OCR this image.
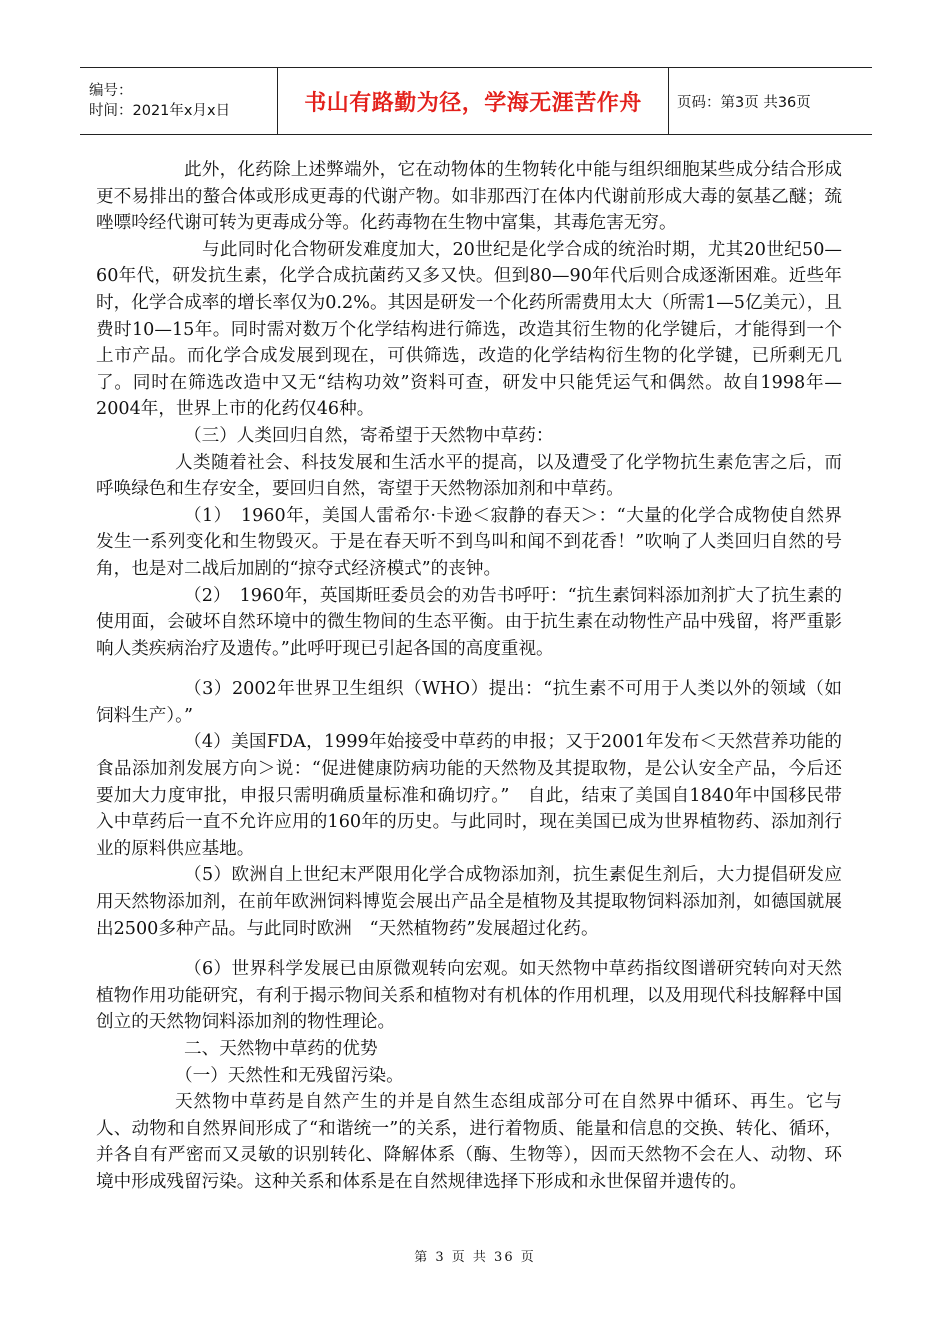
编号：
时间：2021年x月x日	书山有路勤为径，学海无涯苦作舟 页码：第3页 共36页

此外，化药除上述弊端外，它在动物体的生物转化中能与组织细胞某些成分结合形成更不易排出的螯合体或形成更毒的代谢产物。如非那西汀在体内代谢前形成大毒的氨基乙醚；巯唑嘌呤经代谢可转为更毒成分等。化药毒物在生物中富集，其毒危害无穷。

与此同时化合物研发难度加大，20世纪是化学合成的统治时期，尤其20世纪50—60年代，研发抗生素，化学合成抗菌药又多又快。但到80—90年代后则合成逐渐困难。近些年时，化学合成率的增长率仅为0.2%。其因是研发一个化药所需费用太大（所需1—5亿美元），且费时10—15年。同时需对数万个化学结构进行筛选，改造其衍生物的化学键后，才能得到一个上市产品。而化学合成发展到现在，可供筛选，改造的化学结构衍生物的化学键，已所剩无几了。同时在筛选改造中又无“结构功效”资料可查，研发中只能凭运气和偶然。故自1998年—2004年，世界上市的化药仅46种。

（三）人类回归自然，寄希望于天然物中草药：

人类随着社会、科技发展和生活水平的提高，以及遭受了化学物抗生素危害之后，而呼唤绿色和生存安全，要回归自然，寄望于天然物添加剂和中草药。

（1）　1960年，美国人雷希尔·卡逊＜寂静的春天＞：“大量的化学合成物使自然界发生一系列变化和生物毁灭。于是在春天听不到鸟叫和闻不到花香！”吹响了人类回归自然的号角，也是对二战后加剧的“掠夺式经济模式”的丧钟。

（2）　1960年，英国斯旺委员会的劝告书呼吁：“抗生素饲料添加剂扩大了抗生素的使用面，会破坏自然环境中的微生物间的生态平衡。由于抗生素在动物性产品中残留，将严重影响人类疾病治疗及遗传。”此呼吁现已引起各国的高度重视。

（3）2002年世界卫生组织（WHO）提出：“抗生素不可用于人类以外的领域（如饲料生产）。”

（4）美国FDA，1999年始接受中草药的申报；又于2001年发布＜天然营养功能的食品添加剂发展方向＞说：“促进健康防病功能的天然物及其提取物，是公认安全产品，今后还要加大力度审批，申报只需明确质量标准和确切疗。”　自此，结束了美国自1840年中国移民带入中草药后一直不允许应用的160年的历史。与此同时，现在美国已成为世界植物药、添加剂行业的原料供应基地。

（5）欧洲自上世纪末严限用化学合成物添加剂，抗生素促生剂后，大力提倡研发应用天然物添加剂，在前年欧洲饲料博览会展出产品全是植物及其提取物饲料添加剂，如德国就展出2500多种产品。与此同时欧洲　“天然植物药”发展超过化药。

（6）世界科学发展已由原微观转向宏观。如天然物中草药指纹图谱研究转向对天然植物作用功能研究，有利于揭示物间关系和植物对有机体的作用机理，以及用现代科技解释中国创立的天然物饲料添加剂的物性理论。

二、天然物中草药的优势

（一）天然性和无残留污染。

天然物中草药是自然产生的并是自然生态组成部分可在自然界中循环、再生。它与人、动物和自然界间形成了“和谐统一”的关系，进行着物质、能量和信息的交换、转化、循环，并各自有严密而又灵敏的识别转化、降解体系（酶、生物等），因而天然物不会在人、动物、环境中形成残留污染。这种关系和体系是在自然规律选择下形成和永世保留并遗传的。

第 3 页 共 36 页
